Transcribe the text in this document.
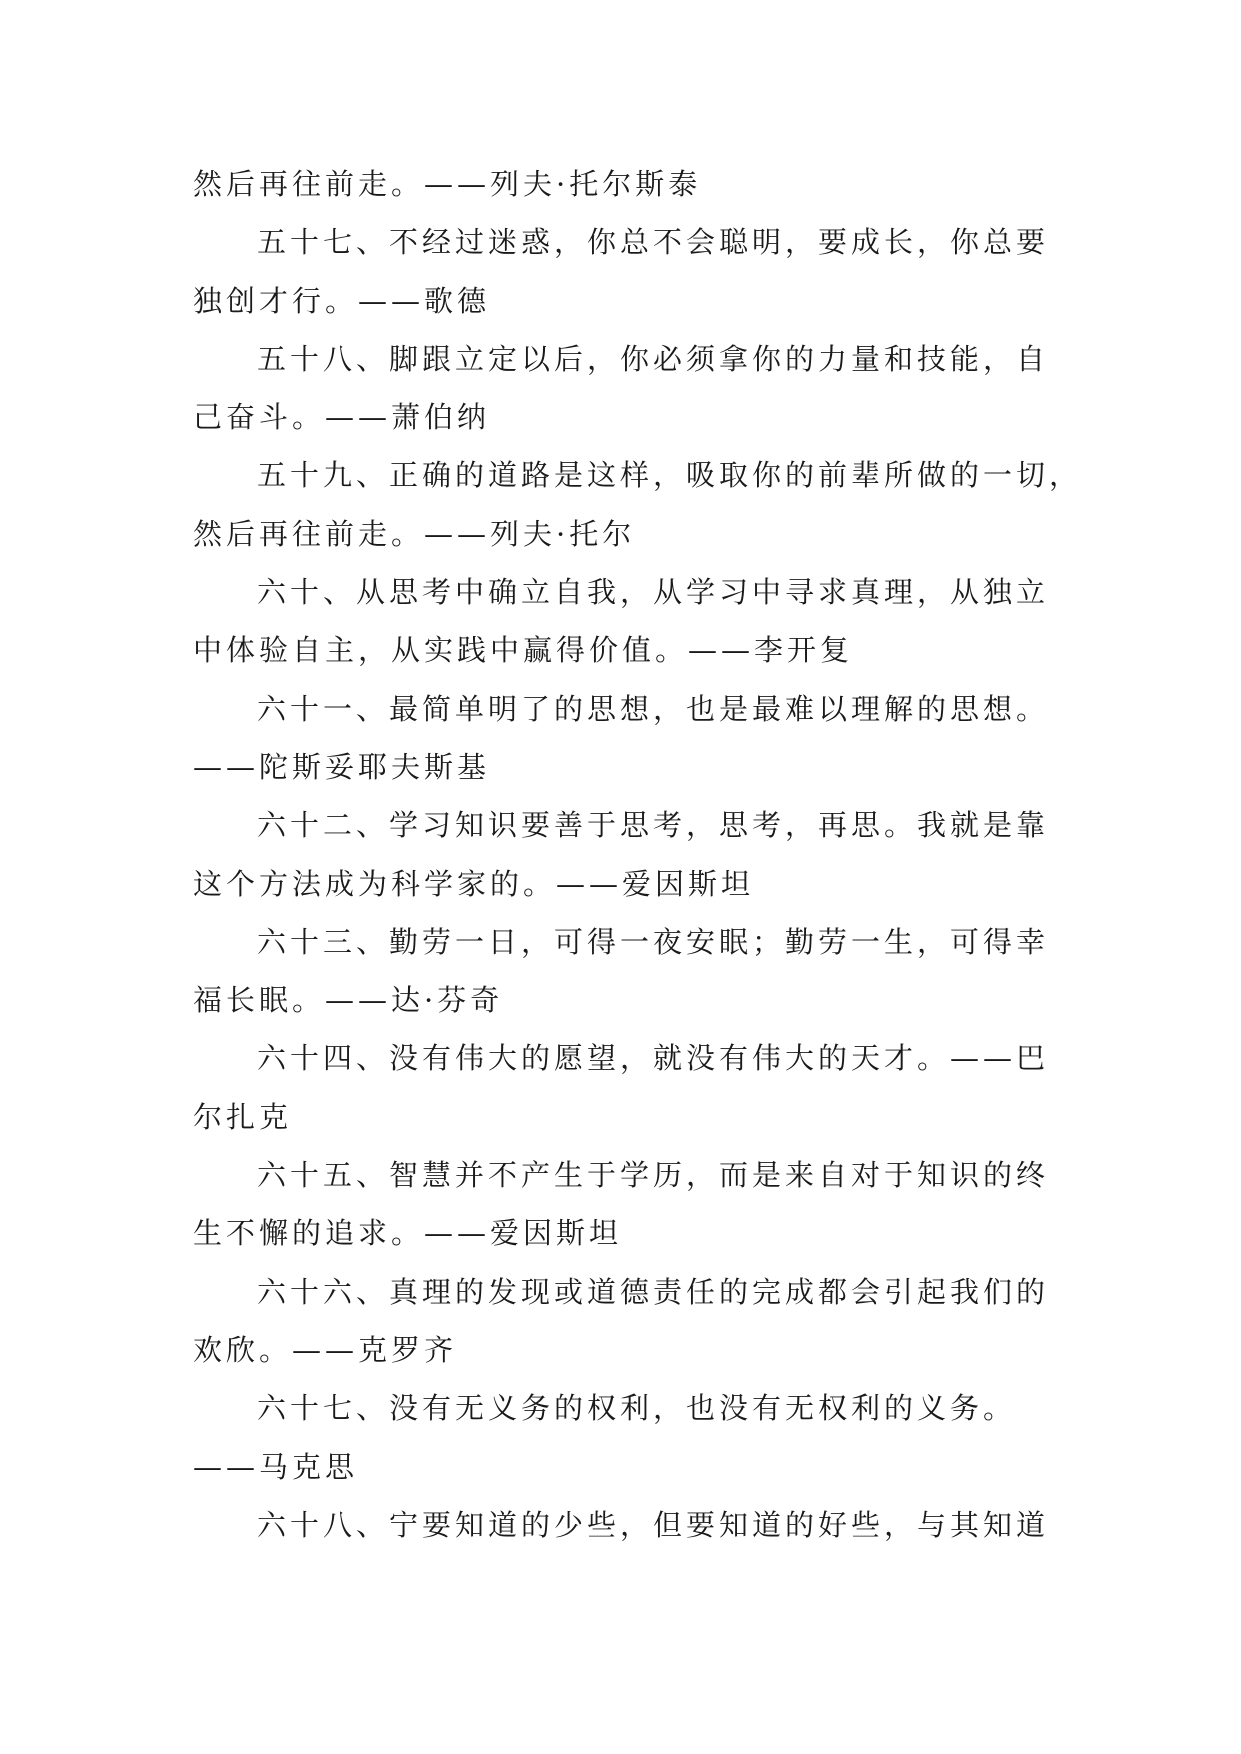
然后再往前走。——列夫·托尔斯泰
五十七、不经过迷惑，你总不会聪明，要成长，你总要
独创才行。——歌德
五十八、脚跟立定以后，你必须拿你的力量和技能，自
己奋斗。——萧伯纳
五十九、正确的道路是这样，吸取你的前辈所做的一切，
然后再往前走。——列夫·托尔
六十、从思考中确立自我，从学习中寻求真理，从独立
中体验自主，从实践中赢得价值。——李开复
六十一、最简单明了的思想，也是最难以理解的思想。
——陀斯妥耶夫斯基
六十二、学习知识要善于思考，思考，再思。我就是靠
这个方法成为科学家的。——爱因斯坦
六十三、勤劳一日，可得一夜安眠；勤劳一生，可得幸
福长眠。——达·芬奇
六十四、没有伟大的愿望，就没有伟大的天才。——巴
尔扎克
六十五、智慧并不产生于学历，而是来自对于知识的终
生不懈的追求。——爱因斯坦
六十六、真理的发现或道德责任的完成都会引起我们的
欢欣。——克罗齐
六十七、没有无义务的权利，也没有无权利的义务。
——马克思
六十八、宁要知道的少些，但要知道的好些，与其知道
